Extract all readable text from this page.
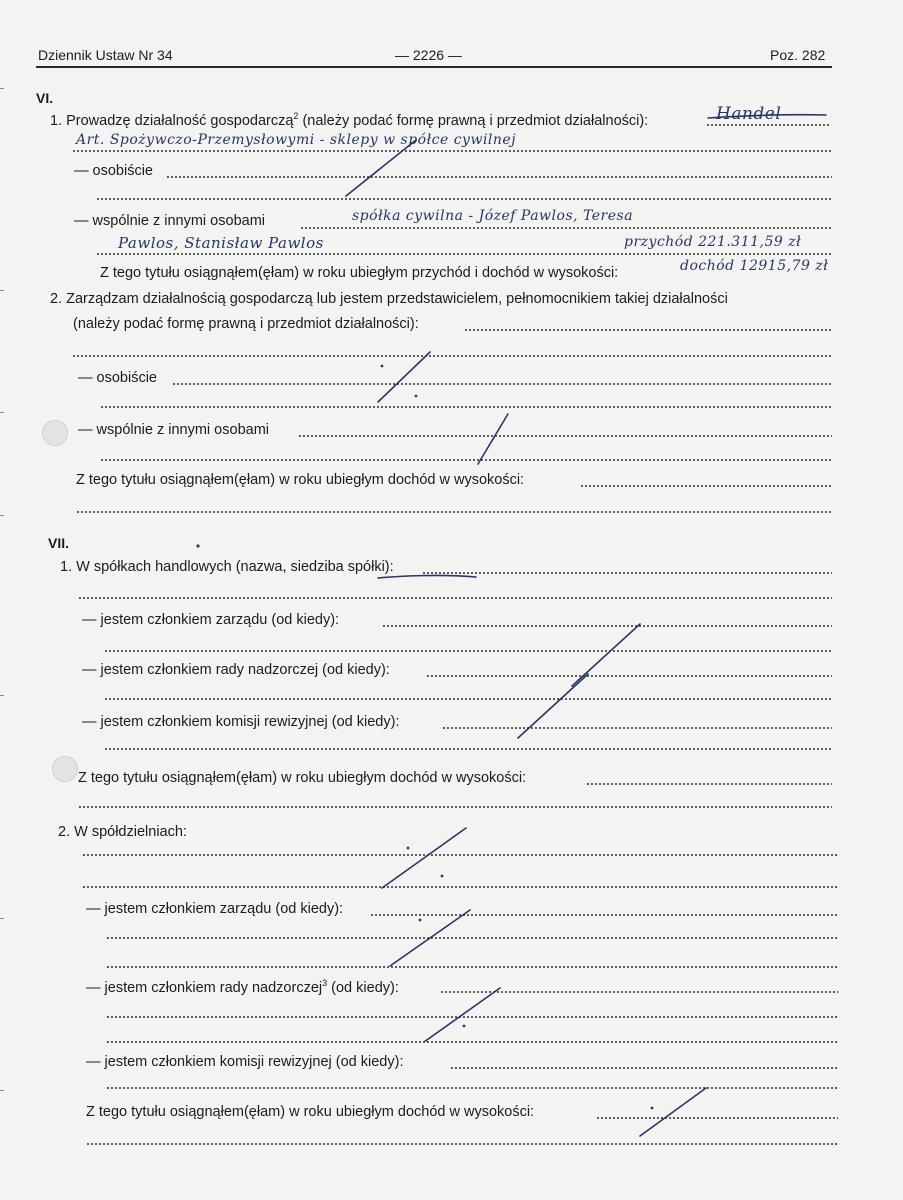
Dziennik Ustaw Nr 34	— 2226 —	Poz. 282
VI.
1. Prowadzę działalność gospodarczą$^2$ (należy podać formę prawną i przedmiot działalności):	Handel
Art. Spożywczo-Przemysłowymi - sklepy w spółce cywilnej
— osobiście
— wspólnie z innymi osobami	spółka cywilna - Józef Pawlos, Teresa
Pawlos, Stanisław Pawlos	przychód 221.311,59 zł
Z tego tytułu osiągnąłem(ęłam) w roku ubiegłym przychód i dochód w wysokości:	dochód 12915,79 zł
2. Zarządzam działalnością gospodarczą lub jestem przedstawicielem, pełnomocnikiem takiej działalności
(należy podać formę prawną i przedmiot działalności):
— osobiście
— wspólnie z innymi osobami
Z tego tytułu osiągnąłem(ęłam) w roku ubiegłym dochód w wysokości:
VII.
1. W spółkach handlowych (nazwa, siedziba spółki):
— jestem członkiem zarządu (od kiedy):
— jestem członkiem rady nadzorczej (od kiedy):
— jestem członkiem komisji rewizyjnej (od kiedy):
Z tego tytułu osiągnąłem(ęłam) w roku ubiegłym dochód w wysokości:
2. W spółdzielniach:
— jestem członkiem zarządu (od kiedy):
— jestem członkiem rady nadzorczej$^3$ (od kiedy):
— jestem członkiem komisji rewizyjnej (od kiedy):
Z tego tytułu osiągnąłem(ęłam) w roku ubiegłym dochód w wysokości:
